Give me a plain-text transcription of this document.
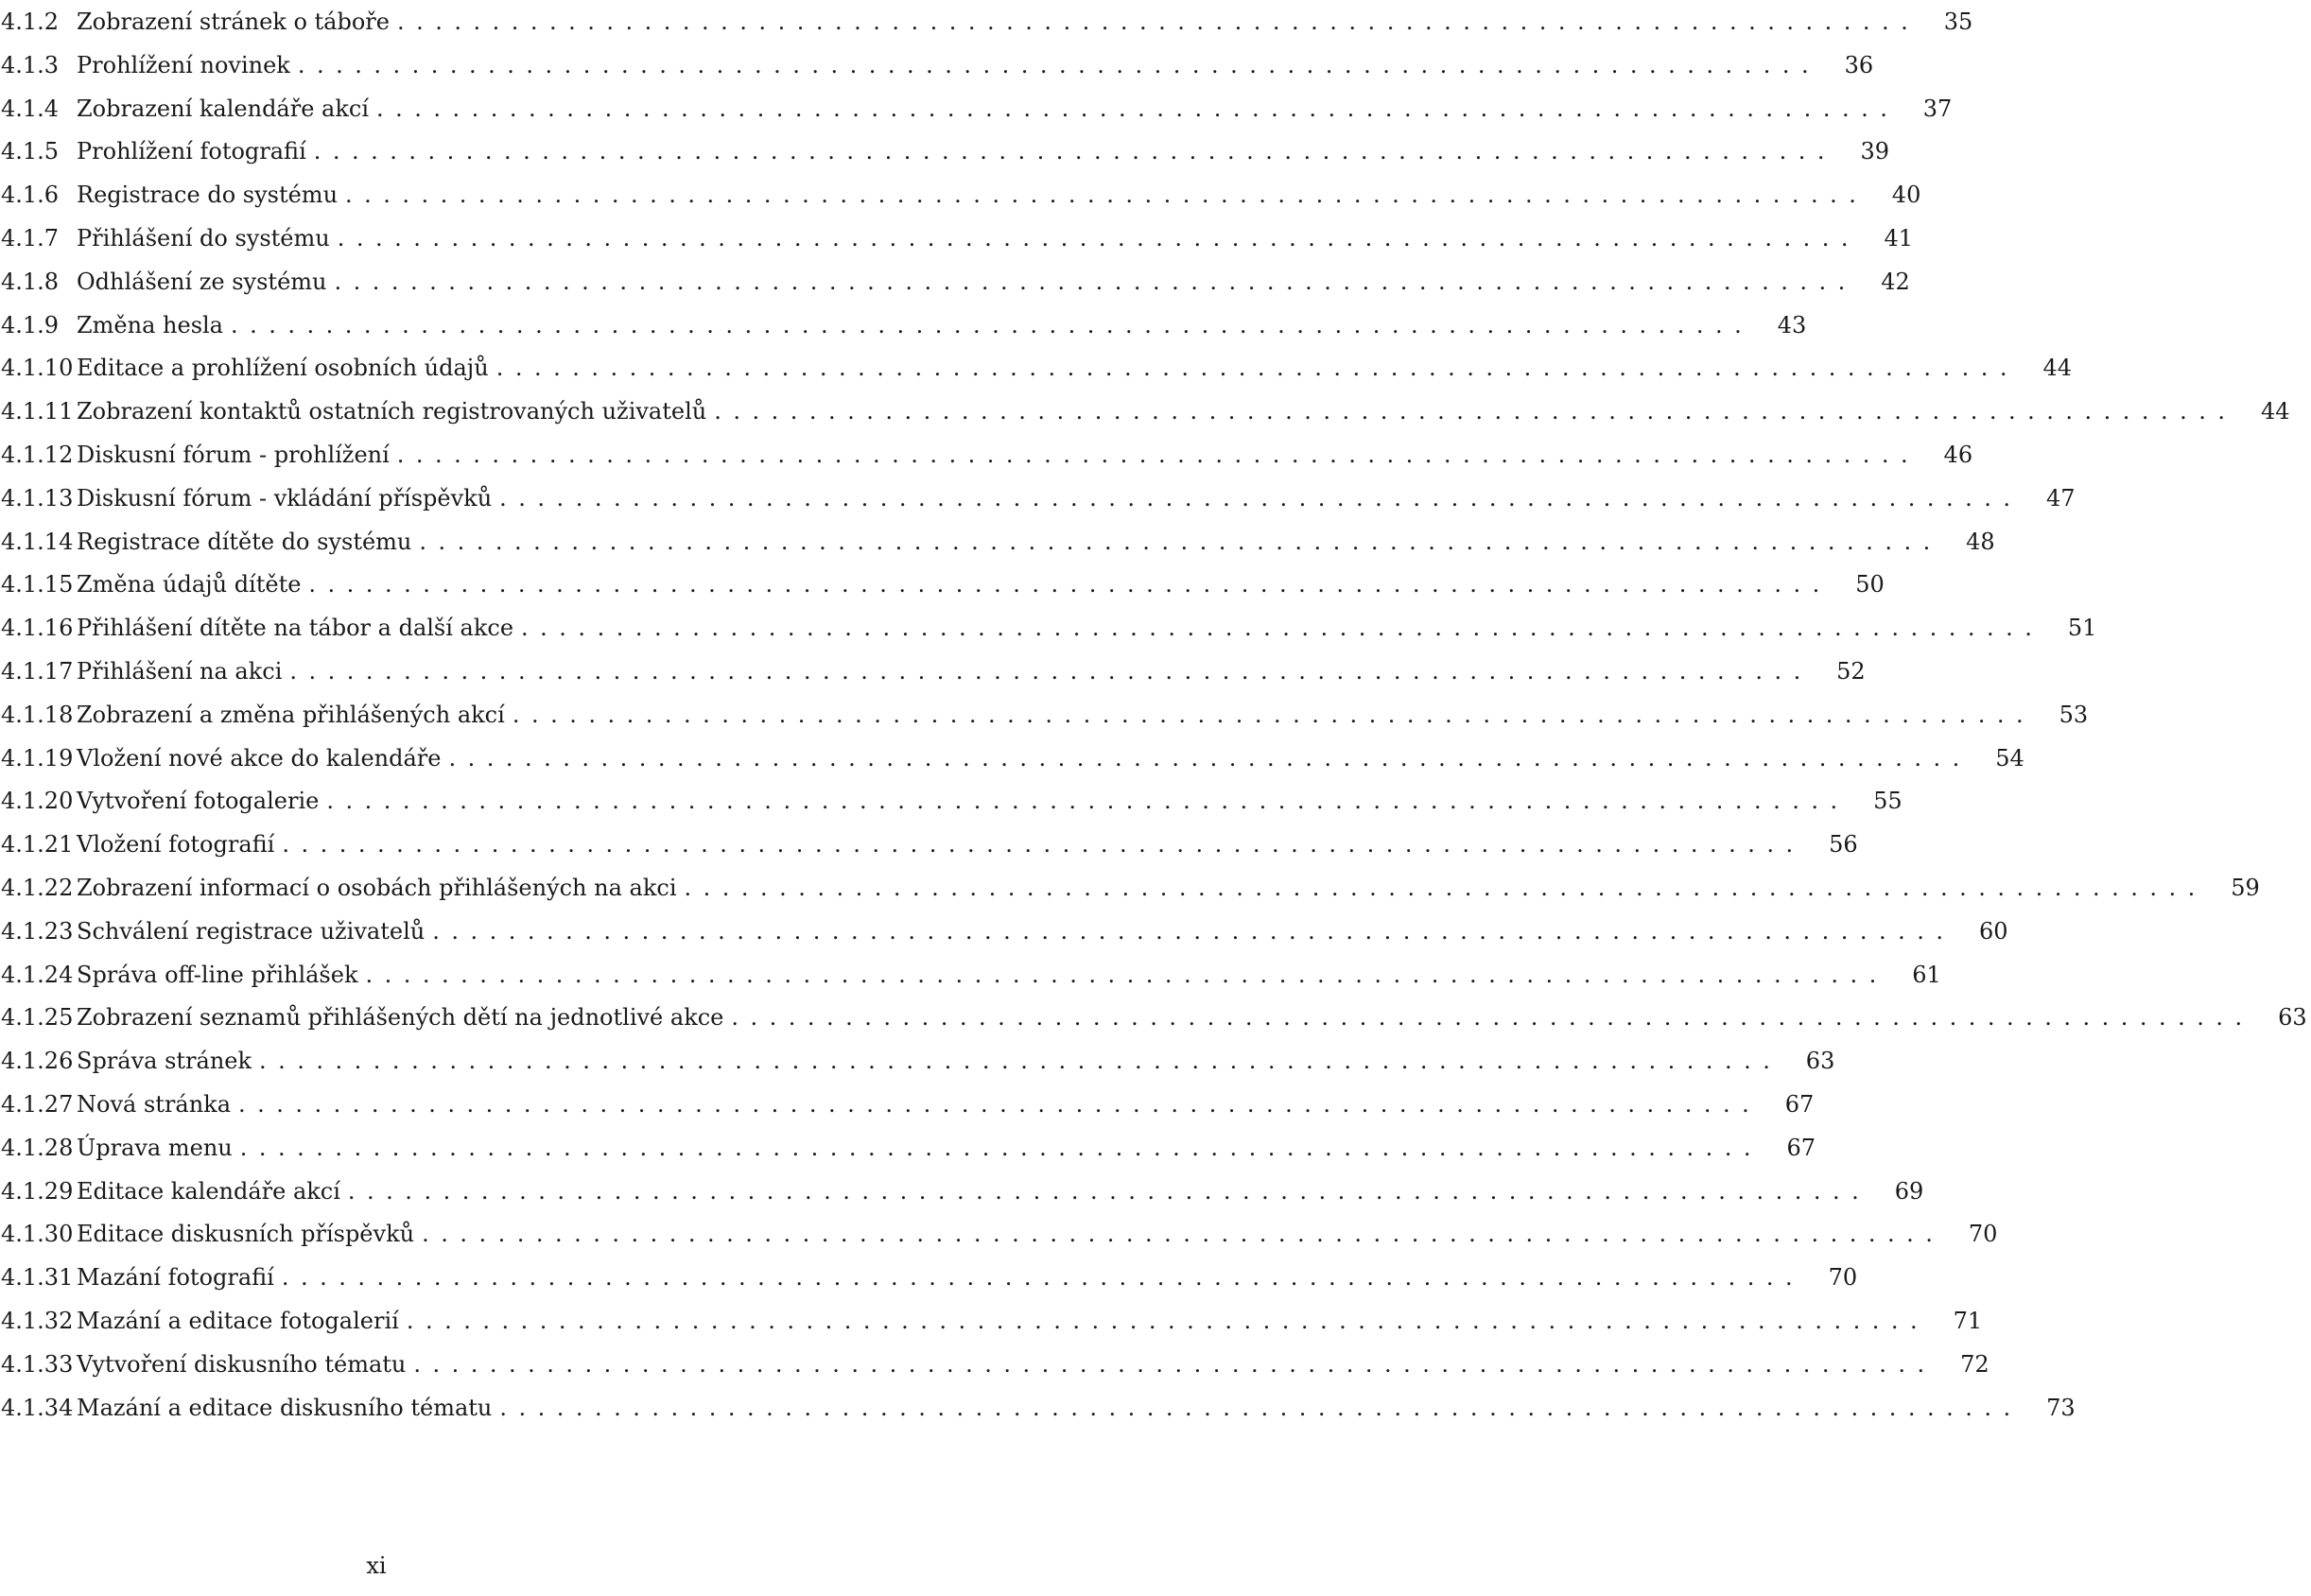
4.1.2 Zobrazení stránek o táboře ................................................................................	35
4.1.3 Prohlížení novinek ................................................................................	36
4.1.4 Zobrazení kalendáře akcí ................................................................................	37
4.1.5 Prohlížení fotografií ................................................................................	39
4.1.6 Registrace do systému ................................................................................	40
4.1.7 Přihlášení do systému ................................................................................	41
4.1.8 Odhlášení ze systému ................................................................................	42
4.1.9 Změna hesla ................................................................................	43
4.1.10 Editace a prohlížení osobních údajů ................................................................................	44
4.1.11 Zobrazení kontaktů ostatních registrovaných uživatelů ................................................................................	44
4.1.12 Diskusní fórum - prohlížení ................................................................................	46
4.1.13 Diskusní fórum - vkládání příspěvků ................................................................................	47
4.1.14 Registrace dítěte do systému ................................................................................	48
4.1.15 Změna údajů dítěte ................................................................................	50
4.1.16 Přihlášení dítěte na tábor a další akce ................................................................................	51
4.1.17 Přihlášení na akci ................................................................................	52
4.1.18 Zobrazení a změna přihlášených akcí ................................................................................	53
4.1.19 Vložení nové akce do kalendáře ................................................................................	54
4.1.20 Vytvoření fotogalerie ................................................................................	55
4.1.21 Vložení fotografií ................................................................................	56
4.1.22 Zobrazení informací o osobách přihlášených na akci ................................................................................	59
4.1.23 Schválení registrace uživatelů ................................................................................	60
4.1.24 Správa off-line přihlášek ................................................................................	61
4.1.25 Zobrazení seznamů přihlášených dětí na jednotlivé akce ................................................................................	63
4.1.26 Správa stránek ................................................................................	63
4.1.27 Nová stránka ................................................................................	67
4.1.28 Úprava menu ................................................................................	67
4.1.29 Editace kalendáře akcí ................................................................................	69
4.1.30 Editace diskusních příspěvků ................................................................................	70
4.1.31 Mazání fotografií ................................................................................	70
4.1.32 Mazání a editace fotogalerií ................................................................................	71
4.1.33 Vytvoření diskusního tématu ................................................................................	72
4.1.34 Mazání a editace diskusního tématu ................................................................................	73
xi
